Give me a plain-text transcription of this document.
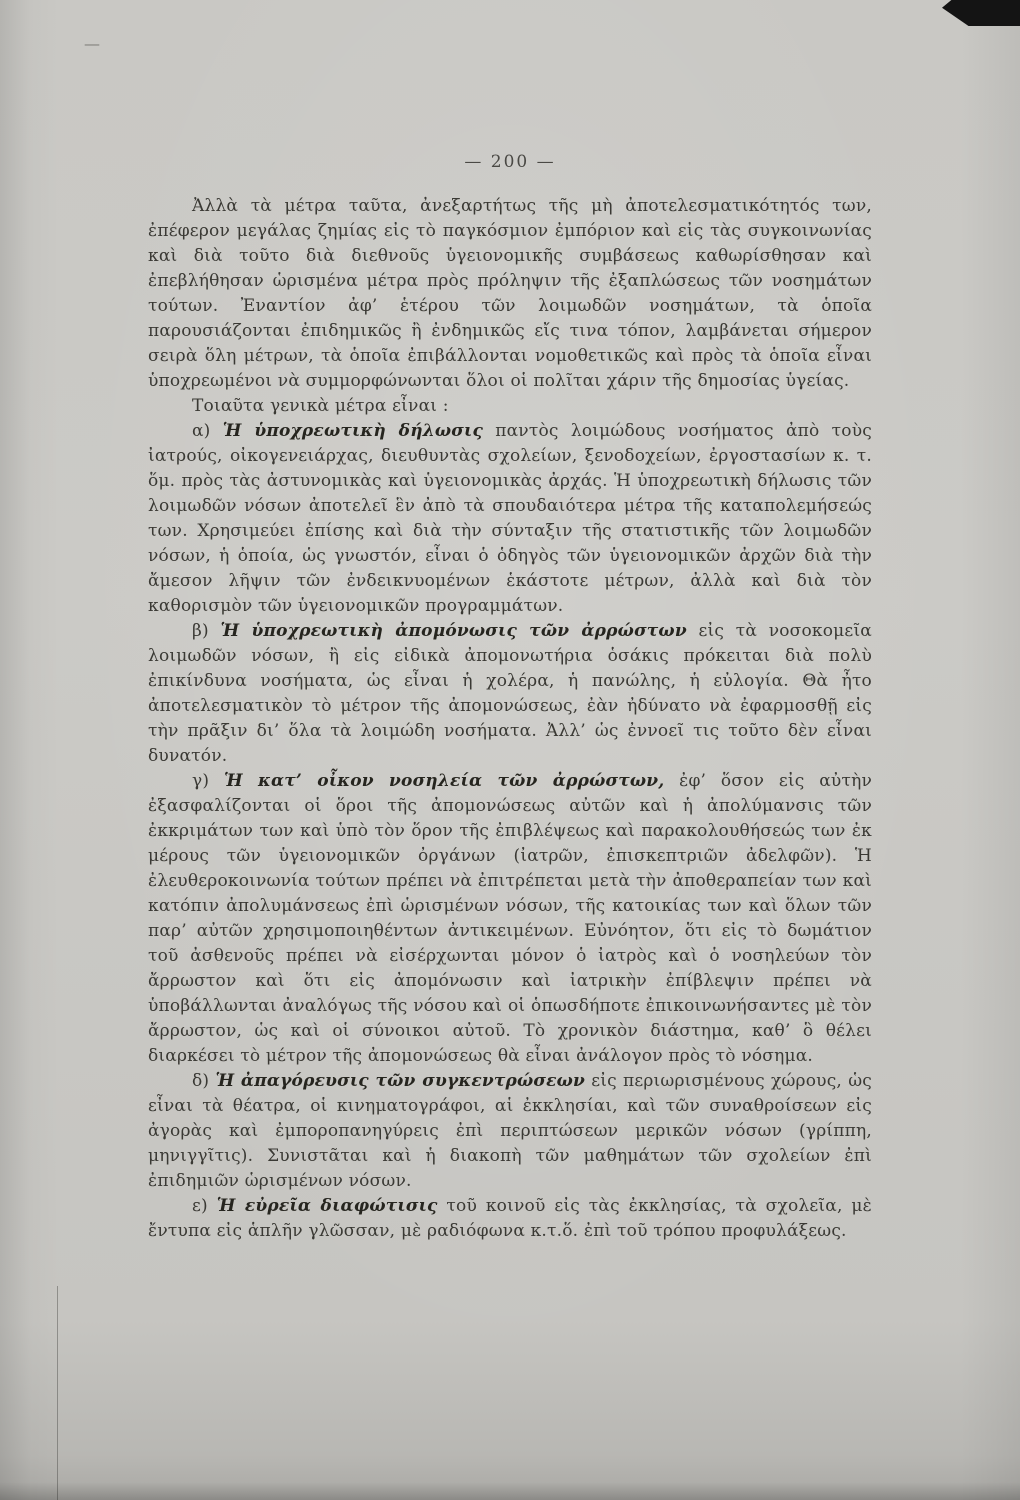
—
— 200 —

Ἀλλὰ τὰ μέτρα ταῦτα, ἀνεξαρτήτως τῆς μὴ ἀποτελεσματικότητός των, ἐπέφερον μεγάλας ζημίας εἰς τὸ παγκόσμιον ἐμπόριον καὶ εἰς τὰς συγκοινωνίας καὶ διὰ τοῦτο διὰ διεθνοῦς ὑγειονομικῆς συμβάσεως καθωρίσθησαν καὶ ἐπεβλήθησαν ὡρισμένα μέτρα πρὸς πρόληψιν τῆς ἐξαπλώσεως τῶν νοσημάτων τούτων. Ἐναντίον ἀφ’ ἑτέρου τῶν λοιμωδῶν νοσημάτων, τὰ ὁποῖα παρουσιάζονται ἐπιδημικῶς ἢ ἐνδημικῶς εἴς τινα τόπον, λαμβάνεται σήμερον σειρὰ ὅλη μέτρων, τὰ ὁποῖα ἐπιβάλλονται νομοθετικῶς καὶ πρὸς τὰ ὁποῖα εἶναι ὑποχρεωμένοι νὰ συμμορφώνωνται ὅλοι οἱ πολῖται χάριν τῆς δημοσίας ὑγείας.

Τοιαῦτα γενικὰ μέτρα εἶναι :

α) Ἡ ὑποχρεωτικὴ δήλωσις παντὸς λοιμώδους νοσήματος ἀπὸ τοὺς ἰατρούς, οἰκογενειάρχας, διευθυντὰς σχολείων, ξενοδοχείων, ἐργοστασίων κ. τ. ὅμ. πρὸς τὰς ἀστυνομικὰς καὶ ὑγειονομικὰς ἀρχάς. Ἡ ὑποχρεωτικὴ δήλωσις τῶν λοιμωδῶν νόσων ἀποτελεῖ ἓν ἀπὸ τὰ σπουδαιότερα μέτρα τῆς καταπολεμήσεώς των. Χρησιμεύει ἐπίσης καὶ διὰ τὴν σύνταξιν τῆς στατιστικῆς τῶν λοιμωδῶν νόσων, ἡ ὁποία, ὡς γνωστόν, εἶναι ὁ ὁδηγὸς τῶν ὑγειονομικῶν ἀρχῶν διὰ τὴν ἄμεσον λῆψιν τῶν ἐνδεικνυομένων ἑκάστοτε μέτρων, ἀλλὰ καὶ διὰ τὸν καθορισμὸν τῶν ὑγειονομικῶν προγραμμάτων.

β) Ἡ ὑποχρεωτικὴ ἀπομόνωσις τῶν ἀρρώστων εἰς τὰ νοσοκομεῖα λοιμωδῶν νόσων, ἢ εἰς εἰδικὰ ἀπομονωτήρια ὁσάκις πρόκειται διὰ πολὺ ἐπικίνδυνα νοσήματα, ὡς εἶναι ἡ χολέρα, ἡ πανώλης, ἡ εὐλογία. Θὰ ἦτο ἀποτελεσματικὸν τὸ μέτρον τῆς ἀπομονώσεως, ἐὰν ἠδύνατο νὰ ἐφαρμοσθῇ εἰς τὴν πρᾶξιν δι’ ὅλα τὰ λοιμώδη νοσήματα. Ἀλλ’ ὡς ἐννοεῖ τις τοῦτο δὲν εἶναι δυνατόν.

γ) Ἡ κατ’ οἶκον νοσηλεία τῶν ἀρρώστων, ἐφ’ ὅσον εἰς αὐτὴν ἐξασφαλίζονται οἱ ὅροι τῆς ἀπομονώσεως αὐτῶν καὶ ἡ ἀπολύμανσις τῶν ἐκκριμάτων των καὶ ὑπὸ τὸν ὅρον τῆς ἐπιβλέψεως καὶ παρακολουθήσεώς των ἐκ μέρους τῶν ὑγειονομικῶν ὀργάνων (ἰατρῶν, ἐπισκεπτριῶν ἀδελφῶν). Ἡ ἐλευθεροκοινωνία τούτων πρέπει νὰ ἐπιτρέπεται μετὰ τὴν ἀποθεραπείαν των καὶ κατόπιν ἀπολυμάνσεως ἐπὶ ὡρισμένων νόσων, τῆς κατοικίας των καὶ ὅλων τῶν παρ’ αὐτῶν χρησιμοποιηθέντων ἀντικειμένων. Εὐνόητον, ὅτι εἰς τὸ δωμάτιον τοῦ ἀσθενοῦς πρέπει νὰ εἰσέρχωνται μόνον ὁ ἰατρὸς καὶ ὁ νοσηλεύων τὸν ἄρρωστον καὶ ὅτι εἰς ἀπομόνωσιν καὶ ἰατρικὴν ἐπίβλεψιν πρέπει νὰ ὑποβάλλωνται ἀναλόγως τῆς νόσου καὶ οἱ ὁπωσδήποτε ἐπικοινωνήσαντες μὲ τὸν ἄρρωστον, ὡς καὶ οἱ σύνοικοι αὐτοῦ. Τὸ χρονικὸν διάστημα, καθ’ ὃ θέλει διαρκέσει τὸ μέτρον τῆς ἀπομονώσεως θὰ εἶναι ἀνάλογον πρὸς τὸ νόσημα.

δ) Ἡ ἀπαγόρευσις τῶν συγκεντρώσεων εἰς περιωρισμένους χώρους, ὡς εἶναι τὰ θέατρα, οἱ κινηματογράφοι, αἱ ἐκκλησίαι, καὶ τῶν συναθροίσεων εἰς ἀγορὰς καὶ ἐμποροπανηγύρεις ἐπὶ περιπτώσεων μερικῶν νόσων (γρίππη, μηνιγγῖτις). Συνιστᾶται καὶ ἡ διακοπὴ τῶν μαθημάτων τῶν σχολείων ἐπὶ ἐπιδημιῶν ὡρισμένων νόσων.

ε) Ἡ εὐρεῖα διαφώτισις τοῦ κοινοῦ εἰς τὰς ἐκκλησίας, τὰ σχολεῖα, μὲ ἔντυπα εἰς ἁπλῆν γλῶσσαν, μὲ ραδιόφωνα κ.τ.ὅ. ἐπὶ τοῦ τρόπου προφυλάξεως.
